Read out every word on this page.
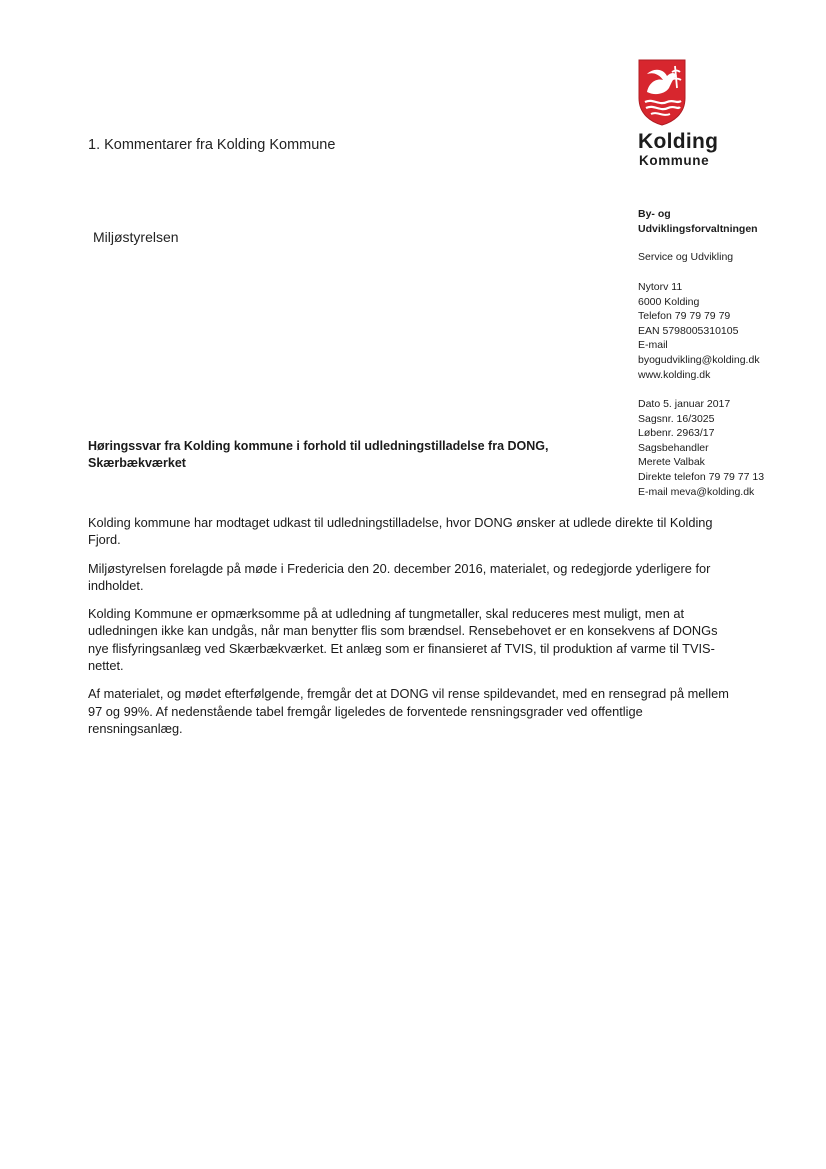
1. Kommentarer fra Kolding Kommune
Miljøstyrelsen
Kolding
Kommune
By- og
Udviklingsforvaltningen
Service og Udvikling
Nytorv 11
6000 Kolding
Telefon 79 79 79 79
EAN 5798005310105
E-mail
byogudvikling@kolding.dk
www.kolding.dk
Dato 5. januar 2017
Sagsnr. 16/3025
Løbenr. 2963/17
Sagsbehandler
Merete Valbak
Direkte telefon 79 79 77 13
E-mail meva@kolding.dk
Høringssvar fra Kolding kommune i forhold til udledningstilladelse fra DONG,
Skærbækværket

Kolding kommune har modtaget udkast til udledningstilladelse, hvor DONG ønsker at udlede direkte til Kolding Fjord.

Miljøstyrelsen forelagde på møde i Fredericia den 20. december 2016, materialet, og redegjorde yderligere for indholdet.

Kolding Kommune er opmærksomme på at udledning af tungmetaller, skal reduceres mest muligt, men at udledningen ikke kan undgås, når man benytter flis som brændsel. Rensebehovet er en konsekvens af DONGs nye flisfyringsanlæg ved Skærbækværket. Et anlæg som er finansieret af TVIS, til produktion af varme til TVIS-nettet.

Af materialet, og mødet efterfølgende, fremgår det at DONG vil rense spildevandet, med en rensegrad på mellem 97 og 99%. Af nedenstående tabel fremgår ligeledes de forventede rensningsgrader ved offentlige rensningsanlæg.
